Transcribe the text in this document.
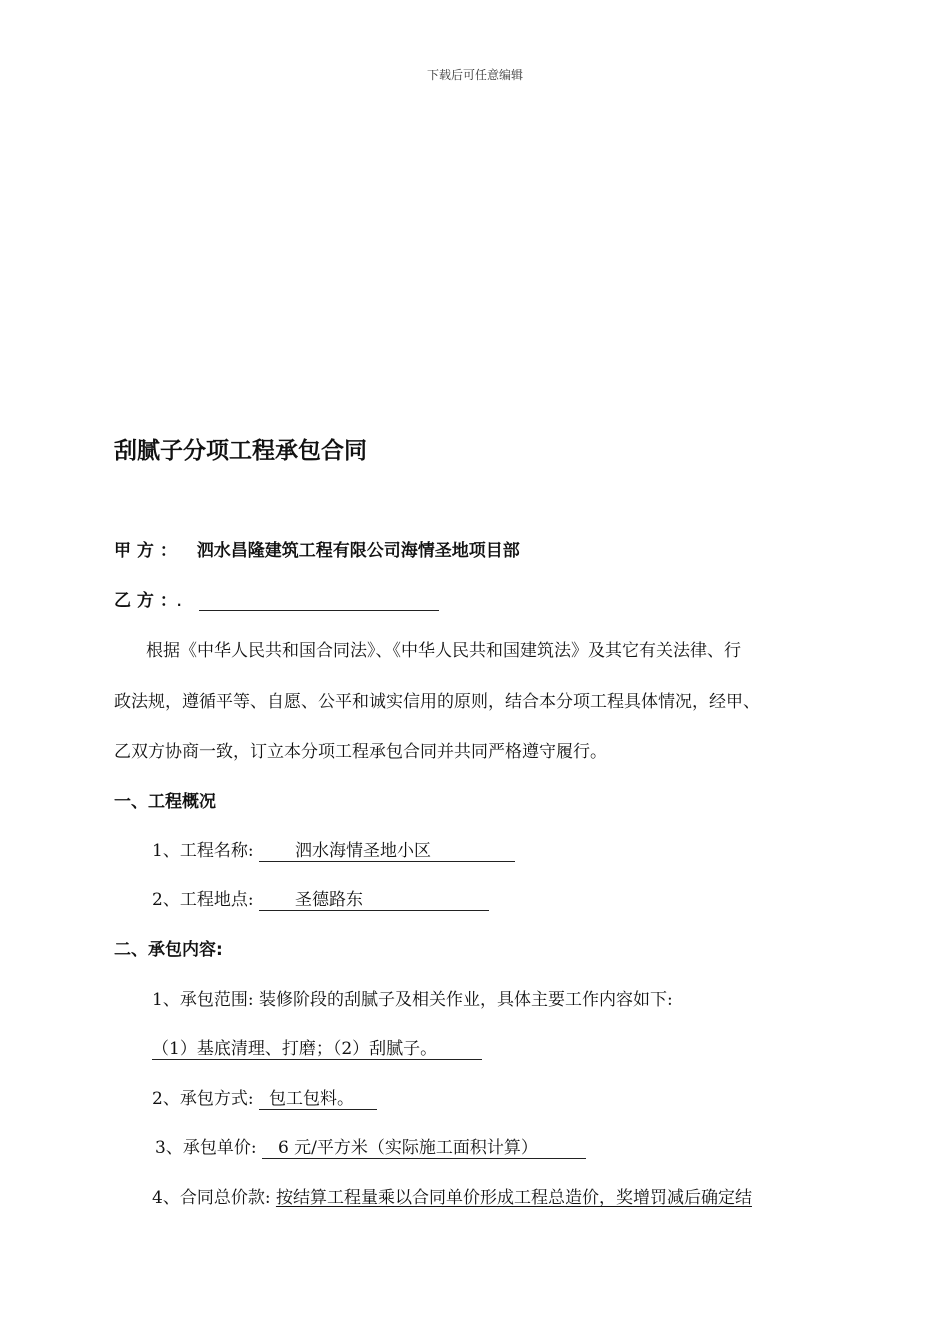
下载后可任意编辑
刮腻子分项工程承包合同
甲 方 ： 泗水昌隆建筑工程有限公司海情圣地项目部
乙 方 ：.
根据《中华人民共和国合同法》、《中华人民共和国建筑法》及其它有关法律、行
政法规，遵循平等、自愿、公平和诚实信用的原则，结合本分项工程具体情况，经甲、
乙双方协商一致，订立本分项工程承包合同并共同严格遵守履行。
一、工程概况
1、工程名称: 泗水海情圣地小区
2、工程地点: 圣德路东
二、承包内容:
1、承包范围: 装修阶段的刮腻子及相关作业，具体主要工作内容如下:
（1）基底清理、打磨；（2）刮腻子。
2、承包方式: 包工包料。
3、承包单价: 6 元/平方米（实际施工面积计算）
4、合同总价款: 按结算工程量乘以合同单价形成工程总造价，奖增罚减后确定结
